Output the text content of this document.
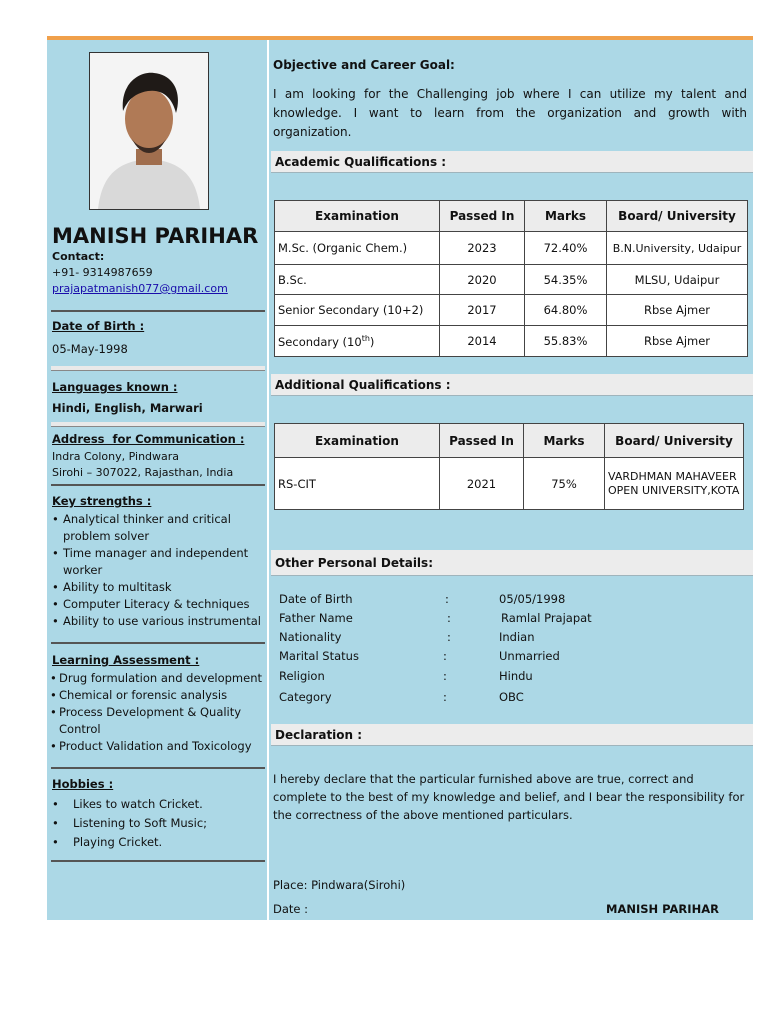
MANISH PARIHAR
Contact:
+91- 9314987659
prajapatmanish077@gmail.com
Date of Birth :
05-May-1998
Languages known :
Hindi, English, Marwari
Address  for Communication :
Indra Colony, Pindwara
Sirohi – 307022, Rajasthan, India
Key strengths :
• Analytical thinker and critical problem solver
• Time manager and independent worker
• Ability to multitask
• Computer Literacy & techniques
• Ability to use various instrumental
Learning Assessment :
• Drug formulation and development
• Chemical or forensic analysis
• Process Development & Quality Control
• Product Validation and Toxicology
Hobbies :
• Likes to watch Cricket.
• Listening to Soft Music;
• Playing Cricket.
Objective and Career Goal:
I am looking for the Challenging job where I can utilize my talent and knowledge. I want to learn from the organization and growth with organization.
Academic Qualifications :
Examination	Passed In	Marks	Board/ University
M.Sc. (Organic Chem.)	2023	72.40%	B.N.University, Udaipur
B.Sc.	2020	54.35%	MLSU, Udaipur
Senior Secondary (10+2)	2017	64.80%	Rbse Ajmer
Secondary (10th)	2014	55.83%	Rbse Ajmer
Additional Qualifications :
Examination	Passed In	Marks	Board/ University
RS-CIT	2021	75%	VARDHMAN MAHAVEER OPEN UNIVERSITY,KOTA
Other Personal Details:
Date of Birth	:	05/05/1998
Father Name	:	Ramlal Prajapat
Nationality	:	Indian
Marital Status	:	Unmarried
Religion	:	Hindu
Category	:	OBC
Declaration :
I hereby declare that the particular furnished above are true, correct and complete to the best of my knowledge and belief, and I bear the responsibility for the correctness of the above mentioned particulars.
Place: Pindwara(Sirohi)
Date :	MANISH PARIHAR
